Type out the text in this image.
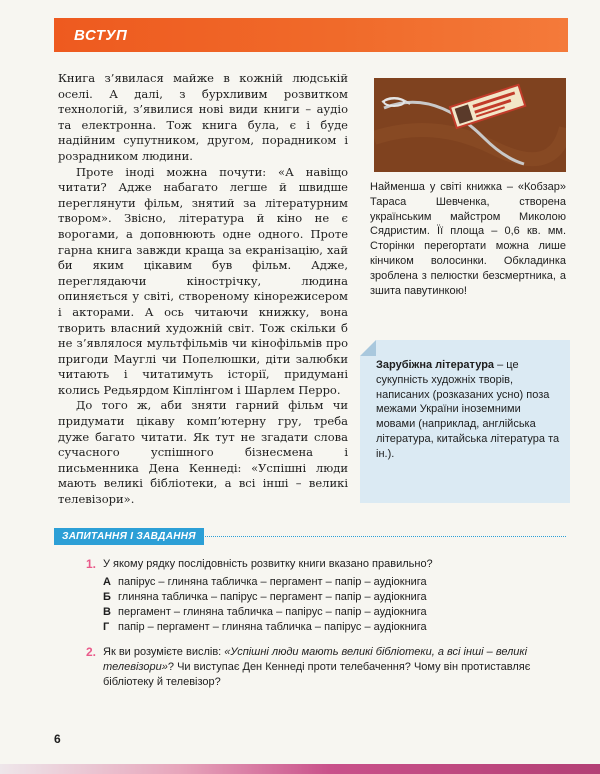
ВСТУП

Книга з’явилася майже в кожній людській оселі. А далі, з бурхливим розвитком технологій, з’явилися нові види книги – аудіо та електронна. Тож книга була, є і буде надійним супутником, другом, порадником і розрадником людини.

Проте іноді можна почути: «А навіщо читати? Адже набагато легше й швидше переглянути фільм, знятий за літературним твором». Звісно, література й кіно не є ворогами, а доповнюють одне одного. Проте гарна книга завжди краща за екранізацію, хай би яким цікавим був фільм. Адже, переглядаючи кінострічку, людина опиняється у світі, створеному кінорежисером і акторами. А ось читаючи книжку, вона творить власний художній світ. Тож скільки б не з’являлося мультфільмів чи кінофільмів про пригоди Мауглі чи Попелюшки, діти залюбки читають і читатимуть історії, придумані колись Редьярдом Кіплінгом і Шарлем Перро.

До того ж, аби зняти гарний фільм чи придумати цікаву комп’ютерну гру, треба дуже багато читати. Як тут не згадати слова сучасного успішного бізнесмена і письменника Дена Кеннеді: «Успішні люди мають великі бібліотеки, а всі інші – великі телевізори».

Найменша у світі книжка – «Кобзар» Тараса Шевченка, створена українським майстром Миколою Сядристим. Її площа – 0,6 кв. мм. Сторінки перегортати можна лише кінчиком волосинки. Обкладинка зроблена з пелюстки безсмертника, а зшита павутинкою!
Зарубіжна література – це сукупність художніх творів, написаних (розказаних усно) поза межами України іноземними мовами (наприклад, англійська література, китайська література та ін.).
ЗАПИТАННЯ І ЗАВДАННЯ
1. У якому рядку послідовність розвитку книги вказано правильно?
А папірус – глиняна табличка – пергамент – папір – аудіокнига
Б глиняна табличка – папірус – пергамент – папір – аудіокнига
В пергамент – глиняна табличка – папірус – папір – аудіокнига
Г папір – пергамент – глиняна табличка – папірус – аудіокнига
2. Як ви розумієте вислів: «Успішні люди мають великі бібліотеки, а всі інші – великі телевізори»? Чи виступає Ден Кеннеді проти телебачення? Чому він протиставляє бібліотеку й телевізор?
6
